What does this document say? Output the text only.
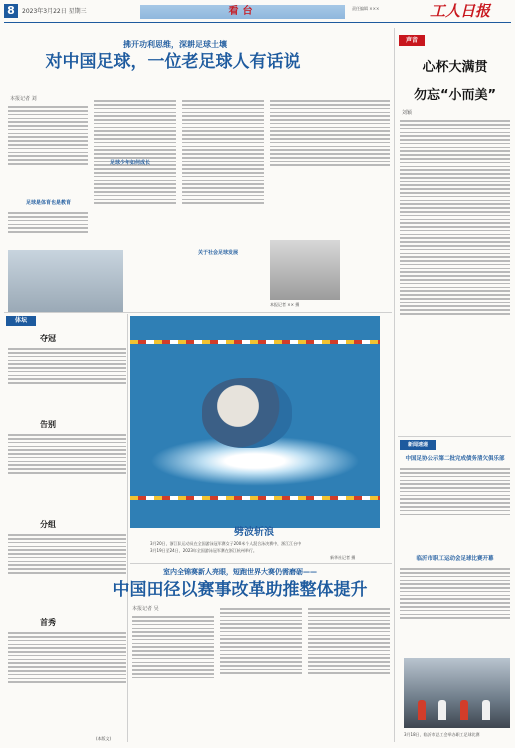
8	2023年3月22日 星期三	看台	责任编辑 ×××	工人日报
拂开功利思维，深耕足球土壤
对中国足球，一位老足球人有话说
本报记者 刘
足球是体育也是教育
足球少年如何成长
关于社会足球发展
本报记者 ×× 摄
体坛
夺冠
告别
分组
首秀
(本版文)
劈波斩浪
3月20日，浙江队运动员在全国游泳冠军赛女子200米个人混合泳决赛中，浙江江台中
3月19日至24日，2023年全国游泳冠军赛在浙江杭州举行。
新华社记者 摄
室内全锦赛新人亮眼，短跑世界大赛仍需磨砺——
中国田径以赛事改革助推整体提升
本报记者 吴
声音
心杯大满贯
勿忘“小而美”
刘颖
新闻速递
中国足协公示第二批完成债务清欠俱乐部
临沂市职工运动会足球比赛开幕
3月18日，临沂市总工会举办职工足球比赛
